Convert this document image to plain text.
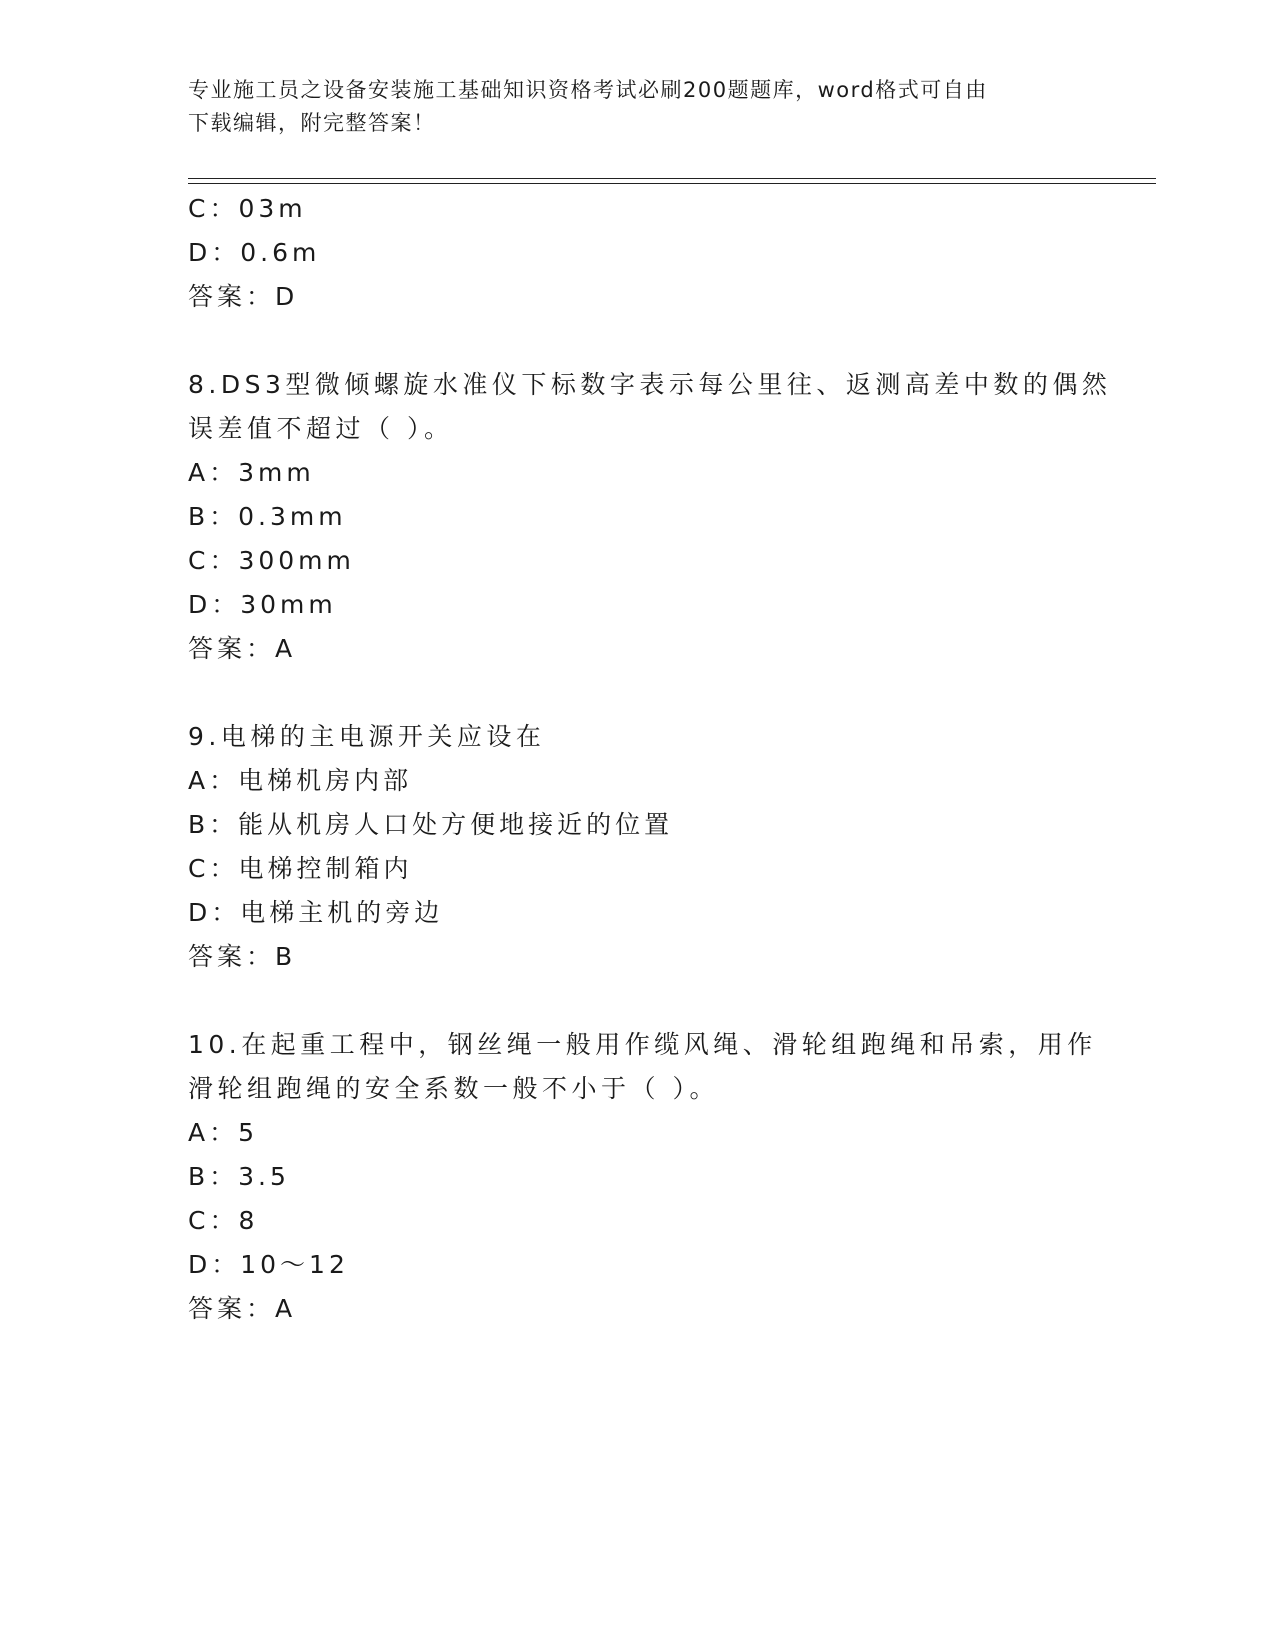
专业施工员之设备安装施工基础知识资格考试必刷200题题库，word格式可自由
下载编辑，附完整答案！
C：03m
D：0.6m
答案：D
8.DS3型微倾螺旋水准仪下标数字表示每公里往、返测高差中数的偶然
误差值不超过（ ）。
A：3mm
B：0.3mm
C：300mm
D：30mm
答案：A
9.电梯的主电源开关应设在
A：电梯机房内部
B：能从机房人口处方便地接近的位置
C：电梯控制箱内
D：电梯主机的旁边
答案：B
10.在起重工程中，钢丝绳一般用作缆风绳、滑轮组跑绳和吊索，用作
滑轮组跑绳的安全系数一般不小于（ ）。
A：5
B：3.5
C：8
D：10～12
答案：A
